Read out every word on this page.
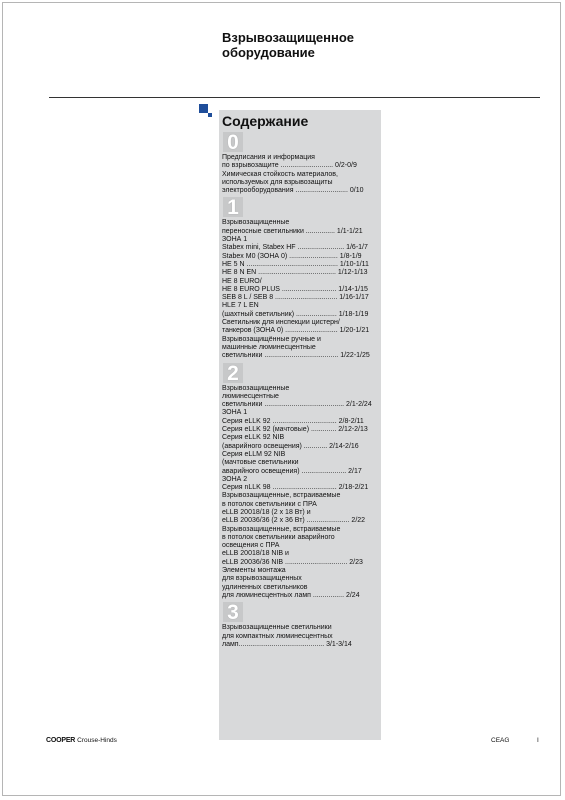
Взрывозащищенное
оборудование
Содержание
0
Предписания и информация
по взрывозащите ........................... 0/2-0/9
Химическая стойкость материалов,
используемых для взрывозащиты
электрооборудования ........................... 0/10
1
Взрывозащищенные
переносные светильники ............... 1/1-1/21
ЗОНА 1
Stabex mini, Stabex HF ........................ 1/6-1/7
Stabex M0 (ЗОНА 0) ......................... 1/8-1/9
HE 5 N ............................................... 1/10-1/11
HE 8 N EN ........................................ 1/12-1/13
HE 8 EURO/
HE 8 EURO PLUS ............................ 1/14-1/15
SEB 8 L / SEB 8 ................................ 1/16-1/17
HLE 7 L EN
(шахтный светильник) ..................... 1/18-1/19
Светильник для инспекции цистерн/
танкеров (ЗОНА 0) ........................... 1/20-1/21
Взрывозащищённые ручные и
машинные люминесцентные
светильники ...................................... 1/22-1/25
2
Взрывозащищенные
люминесцентные
светильники ......................................... 2/1-2/24
ЗОНА 1
Серия eLLK 92 ................................. 2/8-2/11
Серия eLLK 92 (мачтовые) ............. 2/12-2/13
Серия eLLK 92 NIB
(аварийного освещения) ............ 2/14-2/16
Серия eLLM 92 NIB
(мачтовые светильники
аварийного освещения) ....................... 2/17
ЗОНА 2
Серия nLLK 98 ................................. 2/18-2/21
Взрывозащищенные, встраиваемые
в потолок светильники с ПРА
eLLB 20018/18 (2 x 18 Вт) и
eLLB 20036/36 (2 x 36 Вт) ...................... 2/22
Взрывозащищенные, встраиваемые
в потолок светильники аварийного
освещения с ПРА
eLLB 20018/18 NIB и
eLLB 20036/36 NIB ................................ 2/23
Элементы монтажа
для взрывозащищенных
удлиненных светильников
для люминесцентных ламп ................ 2/24
3
Взрывозащищенные светильники
для компактных люминесцентных
ламп............................................ 3/1-3/14
COOPER Crouse-Hinds	CEAG	I
